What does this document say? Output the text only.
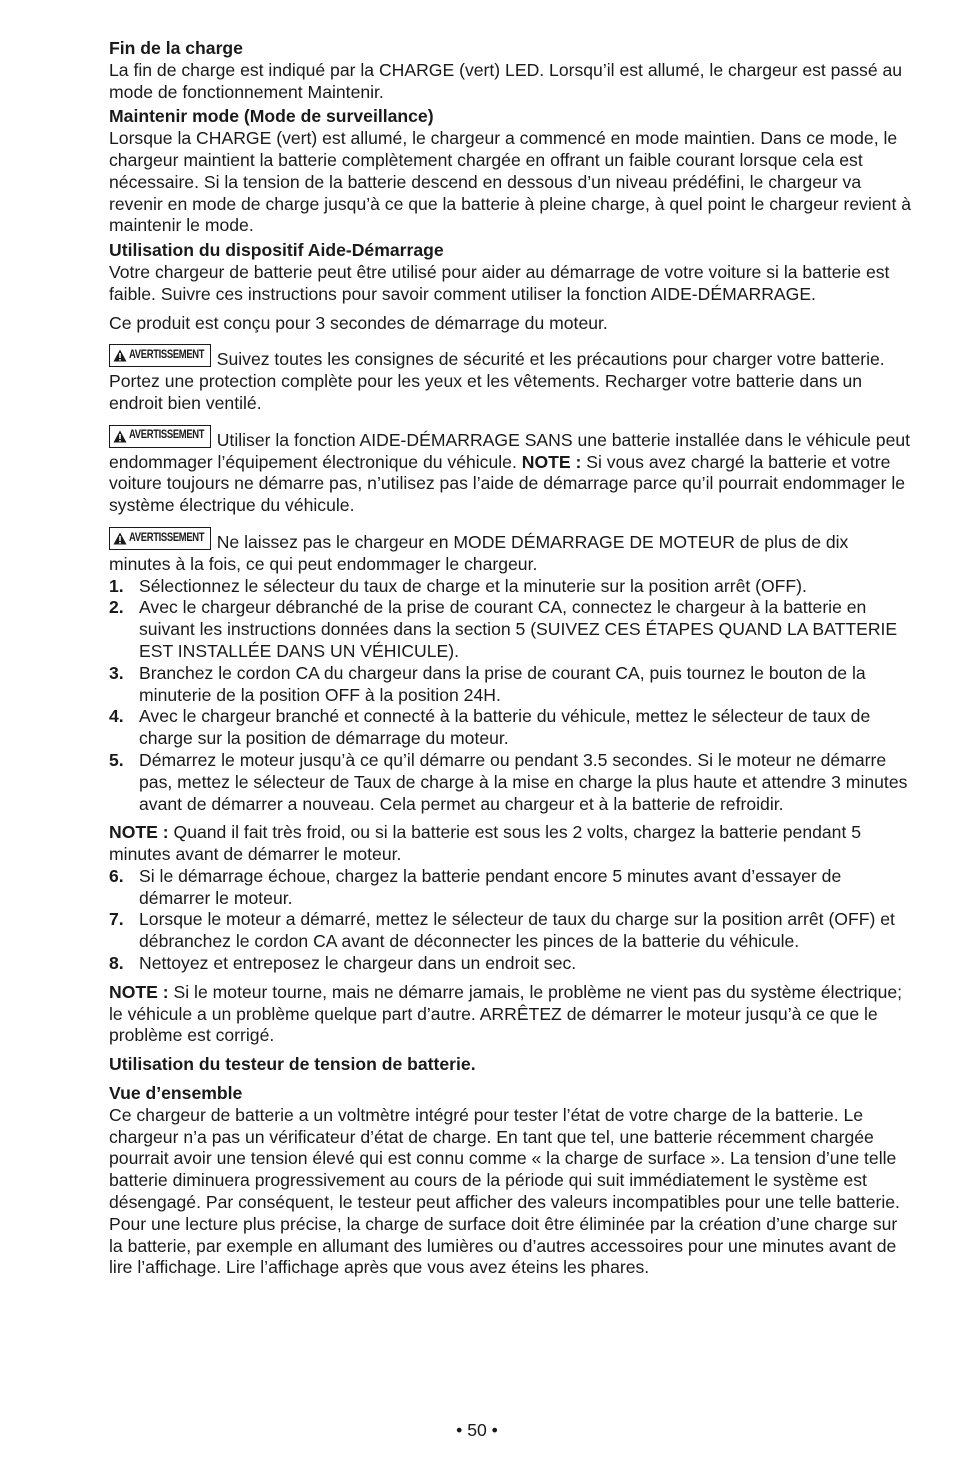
Fin de la charge

La fin de charge est indiqué par la CHARGE (vert) LED. Lorsqu’il est allumé, le chargeur est passé au mode de fonctionnement Maintenir.

Maintenir mode (Mode de surveillance)

Lorsque la CHARGE (vert) est allumé, le chargeur a commencé en mode maintien. Dans ce mode, le chargeur maintient la batterie complètement chargée en offrant un faible courant lorsque cela est nécessaire. Si la tension de la batterie descend en dessous d’un niveau prédéfini, le chargeur va revenir en mode de charge jusqu’à ce que la batterie à pleine charge, à quel point le chargeur revient à maintenir le mode.

Utilisation du dispositif Aide-Démarrage

Votre chargeur de batterie peut être utilisé pour aider au démarrage de votre voiture si la batterie est faible. Suivre ces instructions pour savoir comment utiliser la fonction AIDE-DÉMARRAGE.

Ce produit est conçu pour 3 secondes de démarrage du moteur.

AVERTISSEMENT Suivez toutes les consignes de sécurité et les précautions pour charger votre batterie. Portez une protection complète pour les yeux et les vêtements. Recharger votre batterie dans un endroit bien ventilé.

AVERTISSEMENT Utiliser la fonction AIDE-DÉMARRAGE SANS une batterie installée dans le véhicule peut endommager l’équipement électronique du véhicule. NOTE : Si vous avez chargé la batterie et votre voiture toujours ne démarre pas, n’utilisez pas l’aide de démarrage parce qu’il pourrait endommager le système électrique du véhicule.

AVERTISSEMENT Ne laissez pas le chargeur en MODE DÉMARRAGE DE MOTEUR de plus de dix minutes à la fois, ce qui peut endommager le chargeur.

1. Sélectionnez le sélecteur du taux de charge et la minuterie sur la position arrêt (OFF).
2. Avec le chargeur débranché de la prise de courant CA, connectez le chargeur à la batterie en suivant les instructions données dans la section 5 (SUIVEZ CES ÉTAPES QUAND LA BATTERIE EST INSTALLÉE DANS UN VÉHICULE).
3. Branchez le cordon CA du chargeur dans la prise de courant CA, puis tournez le bouton de la minuterie de la position OFF à la position 24H.
4. Avec le chargeur branché et connecté à la batterie du véhicule, mettez le sélecteur de taux de charge sur la position de démarrage du moteur.
5. Démarrez le moteur jusqu’à ce qu’il démarre ou pendant 3.5 secondes. Si le moteur ne démarre pas, mettez le sélecteur de Taux de charge à la mise en charge la plus haute et attendre 3 minutes avant de démarrer a nouveau. Cela permet au chargeur et à la batterie de refroidir.

NOTE : Quand il fait très froid, ou si la batterie est sous les 2 volts, chargez la batterie pendant 5 minutes avant de démarrer le moteur.

6. Si le démarrage échoue, chargez la batterie pendant encore 5 minutes avant d’essayer de démarrer le moteur.
7. Lorsque le moteur a démarré, mettez le sélecteur de taux du charge sur la position arrêt (OFF) et débranchez le cordon CA avant de déconnecter les pinces de la batterie du véhicule.
8. Nettoyez et entreposez le chargeur dans un endroit sec.

NOTE : Si le moteur tourne, mais ne démarre jamais, le problème ne vient pas du système électrique; le véhicule a un problème quelque part d’autre. ARRÊTEZ de démarrer le moteur jusqu’à ce que le problème est corrigé.

Utilisation du testeur de tension de batterie.

Vue d’ensemble

Ce chargeur de batterie a un voltmètre intégré pour tester l’état de votre charge de la batterie. Le chargeur n’a pas un vérificateur d’état de charge. En tant que tel, une batterie récemment chargée pourrait avoir une tension élevé qui est connu comme « la charge de surface ». La tension d’une telle batterie diminuera progressivement au cours de la période qui suit immédiatement le système est désengagé. Par conséquent, le testeur peut afficher des valeurs incompatibles pour une telle batterie. Pour une lecture plus précise, la charge de surface doit être éliminée par la création d’une charge sur la batterie, par exemple en allumant des lumières ou d’autres accessoires pour une minutes avant de lire l’affichage. Lire l’affichage après que vous avez éteins les phares.

• 50 •
